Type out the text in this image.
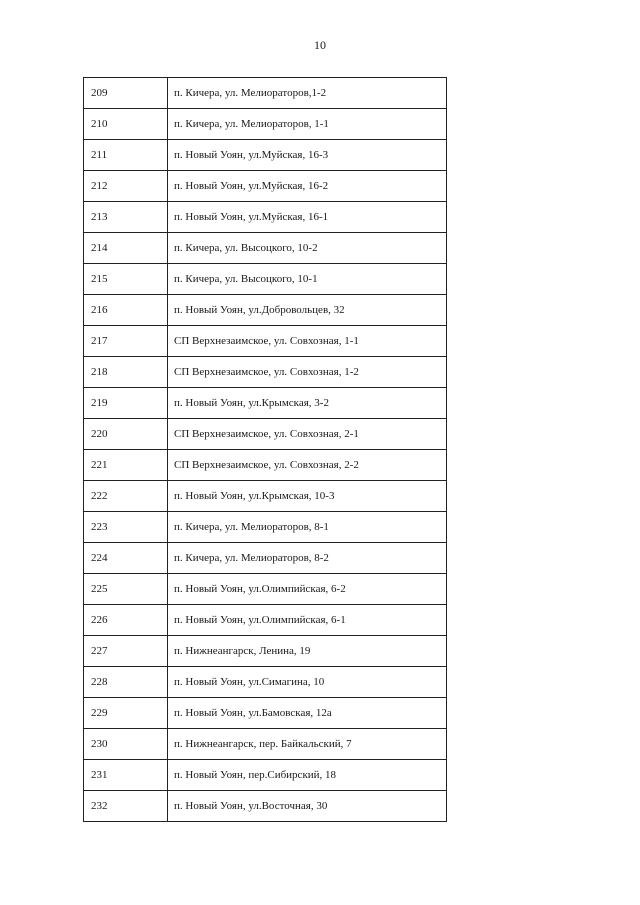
10
209	п. Кичера, ул. Мелиораторов,1-2
210	п. Кичера, ул. Мелиораторов, 1-1
211	п. Новый Уоян, ул.Муйская, 16-3
212	п. Новый Уоян, ул.Муйская, 16-2
213	п. Новый Уоян, ул.Муйская, 16-1
214	п. Кичера, ул. Высоцкого, 10-2
215	п. Кичера, ул. Высоцкого, 10-1
216	п. Новый Уоян, ул.Добровольцев, 32
217	СП Верхнезаимское, ул. Совхозная, 1-1
218	СП Верхнезаимское, ул. Совхозная, 1-2
219	п. Новый Уоян, ул.Крымская, 3-2
220	СП Верхнезаимское, ул. Совхозная, 2-1
221	СП Верхнезаимское, ул. Совхозная, 2-2
222	п. Новый Уоян, ул.Крымская, 10-3
223	п. Кичера, ул. Мелиораторов, 8-1
224	п. Кичера, ул. Мелиораторов, 8-2
225	п. Новый Уоян, ул.Олимпийская, 6-2
226	п. Новый Уоян, ул.Олимпийская, 6-1
227	п. Нижнеангарск, Ленина, 19
228	п. Новый Уоян, ул.Симагина, 10
229	п. Новый Уоян, ул.Бамовская, 12а
230	п. Нижнеангарск, пер. Байкальский, 7
231	п. Новый Уоян, пер.Сибирский, 18
232	п. Новый Уоян, ул.Восточная, 30
